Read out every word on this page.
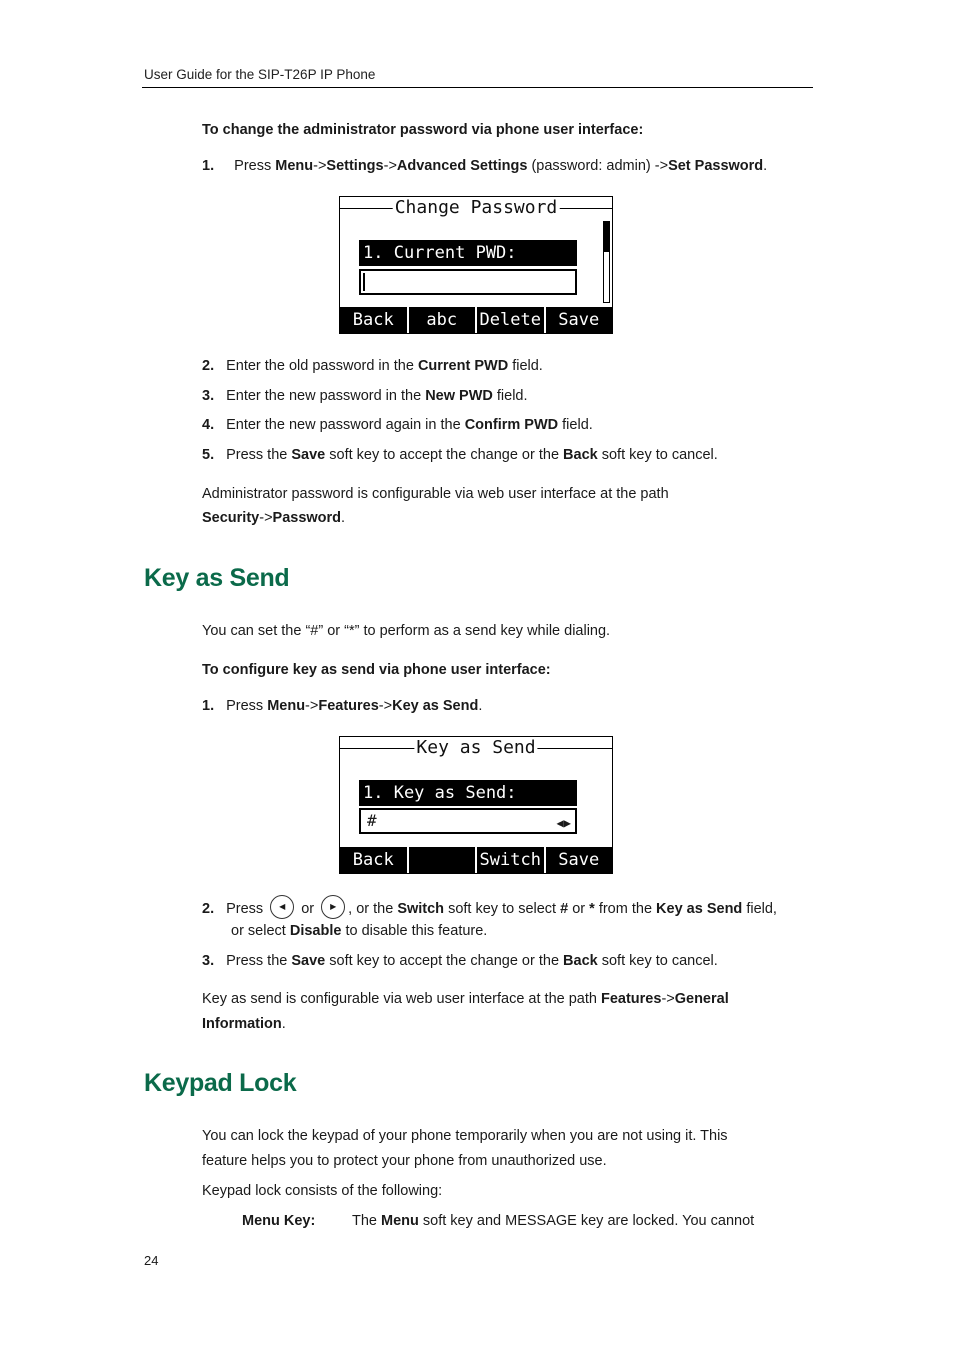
User Guide for the SIP-T26P IP Phone
To change the administrator password via phone user interface:
1. Press Menu->Settings->Advanced Settings (password: admin) ->Set Password.
Change Password
1. Current PWD:
Back	abc	Delete	Save
2. Enter the old password in the Current PWD field.
3. Enter the new password in the New PWD field.
4. Enter the new password again in the Confirm PWD field.
5. Press the Save soft key to accept the change or the Back soft key to cancel.
Administrator password is configurable via web user interface at the path
Security->Password.
Key as Send
You can set the “#” or “*” to perform as a send key while dialing.
To configure key as send via phone user interface:
1. Press Menu->Features->Key as Send.
Key as Send
1. Key as Send:
#	◀▶
Back	Switch	Save
2. Press ◀ or ▶ , or the Switch soft key to select # or * from the Key as Send field,
or select Disable to disable this feature.
3. Press the Save soft key to accept the change or the Back soft key to cancel.
Key as send is configurable via web user interface at the path Features->General
Information.
Keypad Lock
You can lock the keypad of your phone temporarily when you are not using it. This
feature helps you to protect your phone from unauthorized use.
Keypad lock consists of the following:
Menu Key:	The Menu soft key and MESSAGE key are locked. You cannot
24
